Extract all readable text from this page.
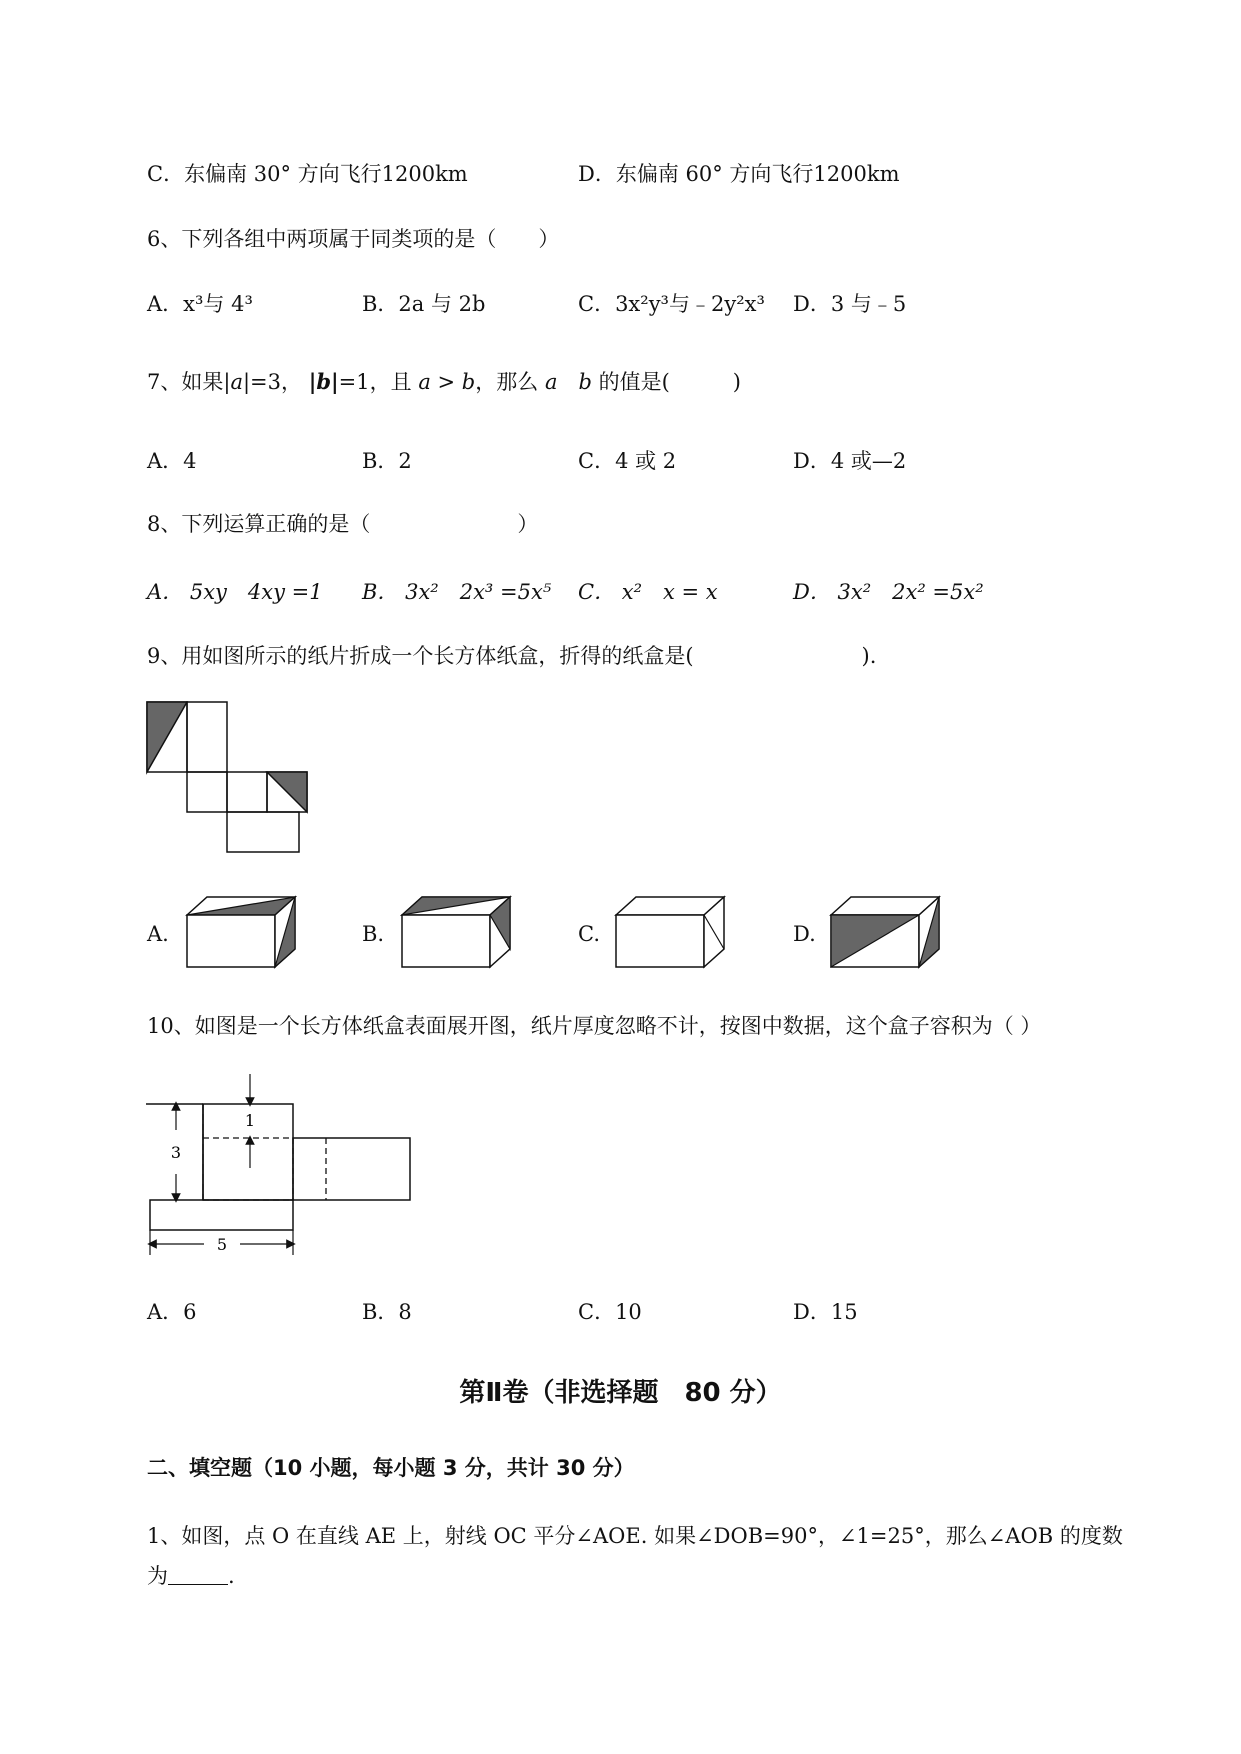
C．东偏南 30° 方向飞行1200km	D．东偏南 60° 方向飞行1200km
6、下列各组中两项属于同类项的是（　　）
A．x³与 4³	B．2a 与 2b	C．3x²y³与﹣2y²x³ D．3 与﹣5
7、如果|a|=3， |b|=1，且 a > b，那么 a　b 的值是(　　　)
A．4	B．2	C．4 或 2	D．4 或—2
8、下列运算正确的是（　　　　　　　）
A． 5xy　4xy =1 B． 3x²　2x³ =5x⁵ C． x²　x = x	D． 3x²　2x² =5x²
9、用如图所示的纸片折成一个长方体纸盒，折得的纸盒是(　　　　　　　　).
A.	B.	C.	D.
10、如图是一个长方体纸盒表面展开图，纸片厚度忽略不计，按图中数据，这个盒子容积为（ ）
1
3
5
A．6	B．8	C．10	D．15
第Ⅱ卷（非选择题　80 分）
二、填空题（10 小题，每小题 3 分，共计 30 分）
1、如图，点 O 在直线 AE 上，射线 OC 平分∠AOE. 如果∠DOB=90°，∠1=25°，那么∠AOB 的度数
为	.
